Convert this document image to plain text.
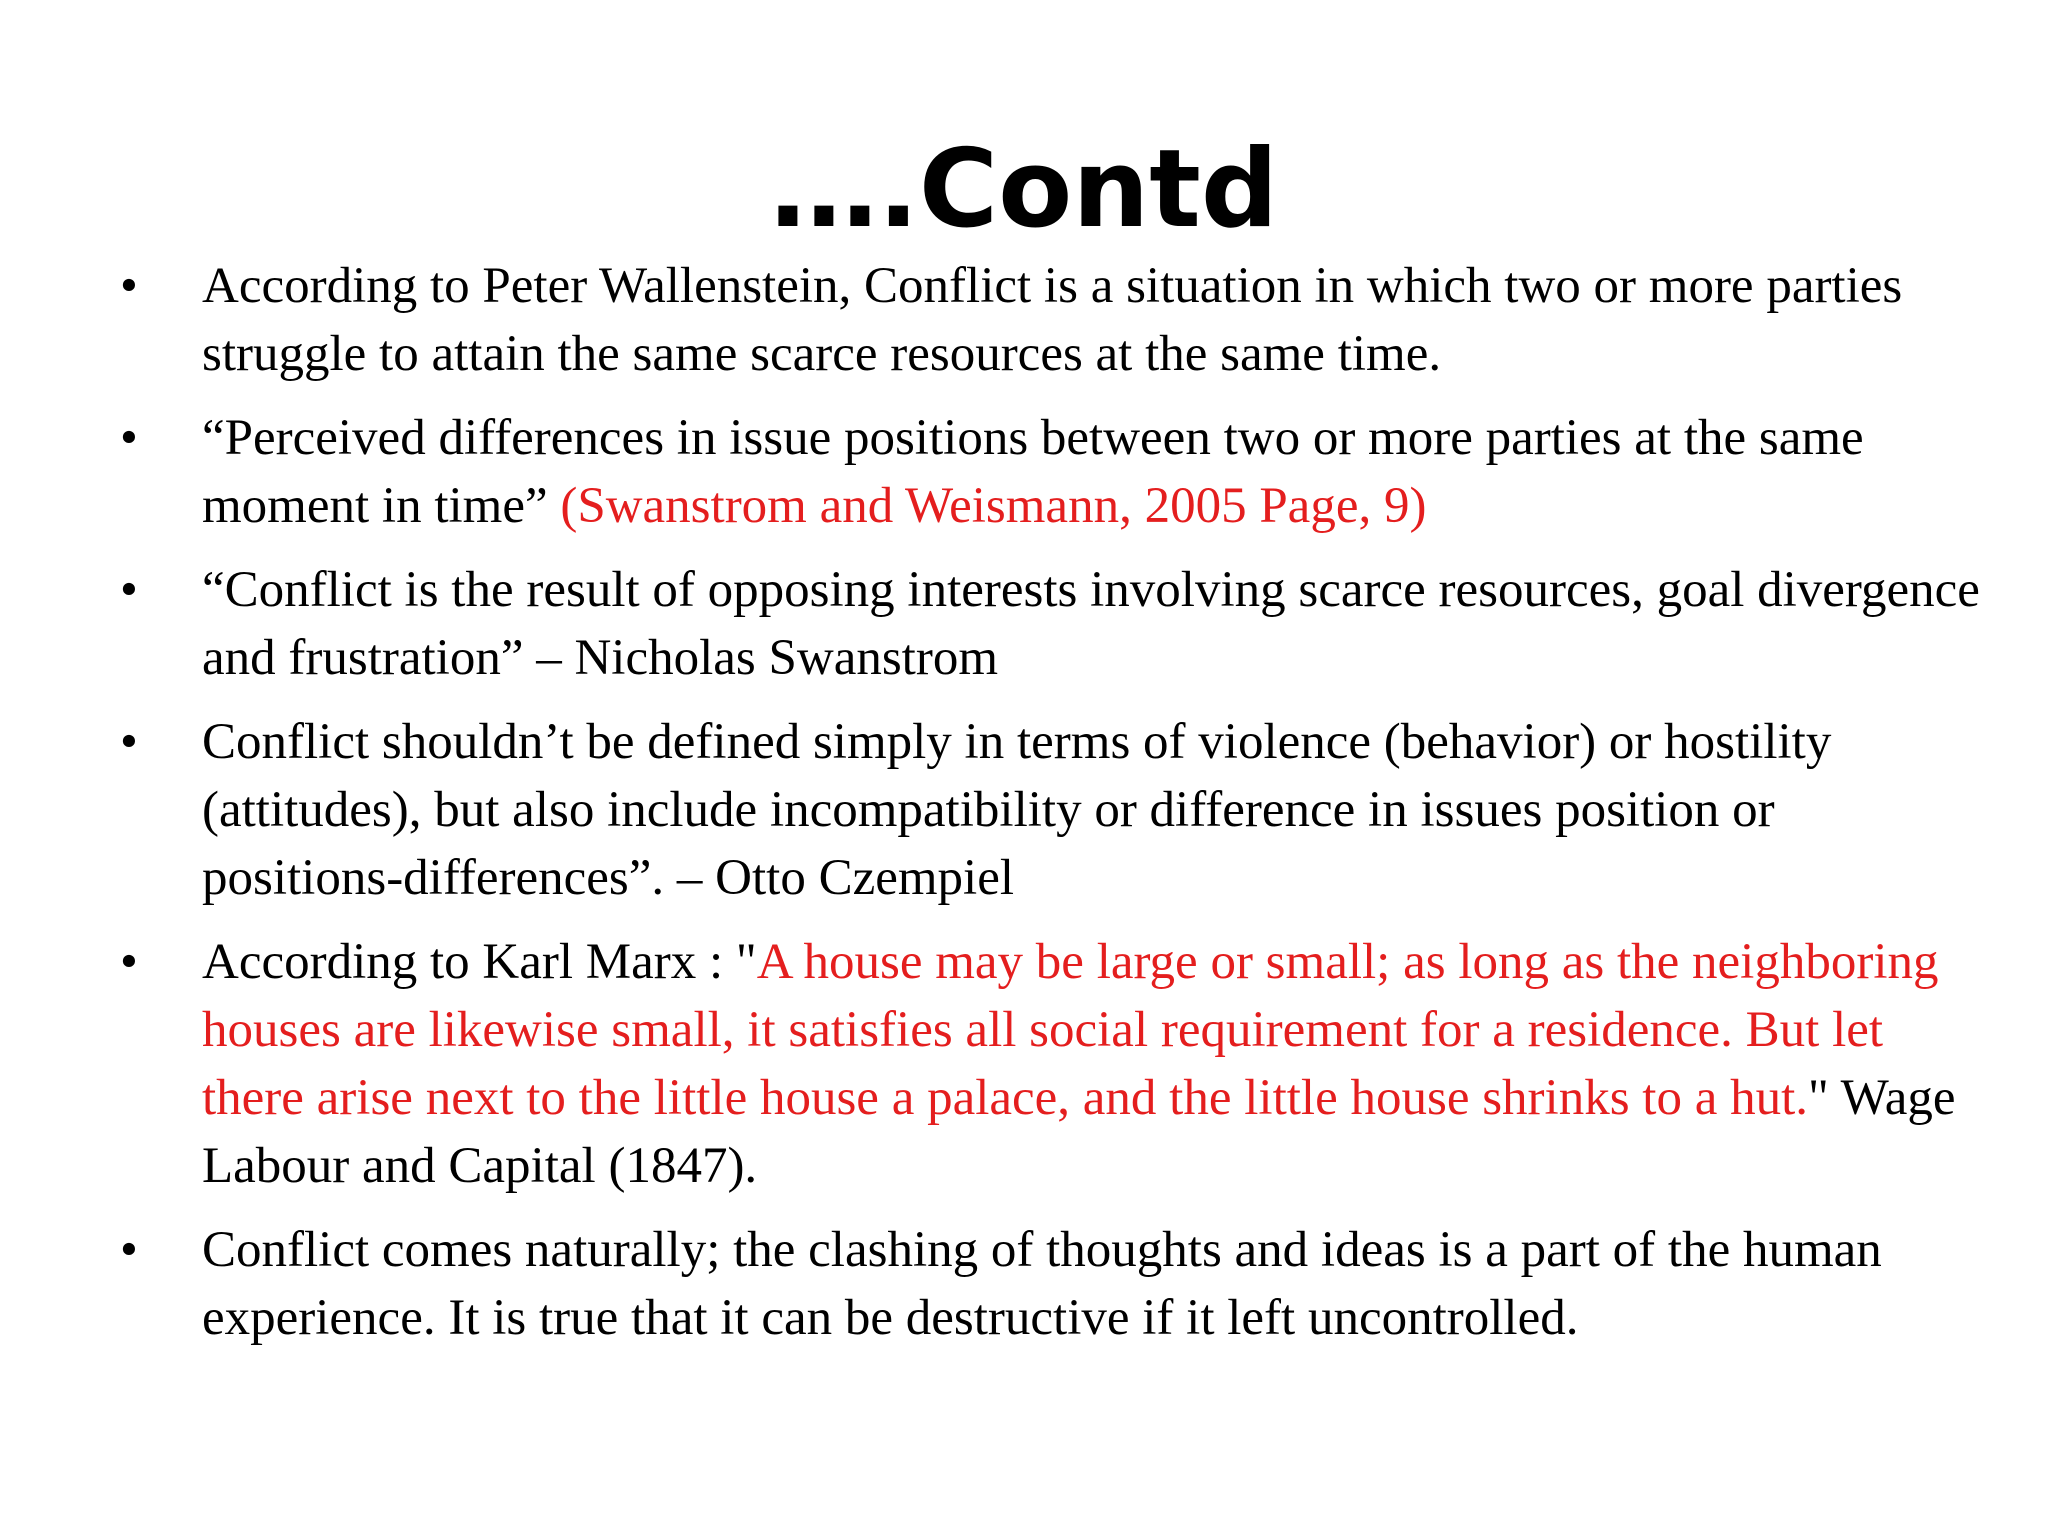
….Contd
•	According to Peter Wallenstein, Conflict is a situation in which two or more parties struggle to attain the same scarce resources at the same time.
•	“Perceived differences in issue positions between two or more parties at the same moment in time” (Swanstrom and Weismann, 2005 Page, 9)
•	“Conflict is the result of opposing interests involving scarce resources, goal divergence and frustration” – Nicholas Swanstrom
•	Conflict shouldn’t be defined simply in terms of violence (behavior) or hostility (attitudes), but also include incompatibility or difference in issues position or positions-differences”. – Otto Czempiel
•	According to Karl Marx : "A house may be large or small; as long as the neighboring houses are likewise small, it satisfies all social requirement for a residence. But let there arise next to the little house a palace, and the little house shrinks to a hut." Wage Labour and Capital (1847).
•	Conflict comes naturally; the clashing of thoughts and ideas is a part of the human experience. It is true that it can be destructive if it left uncontrolled.
